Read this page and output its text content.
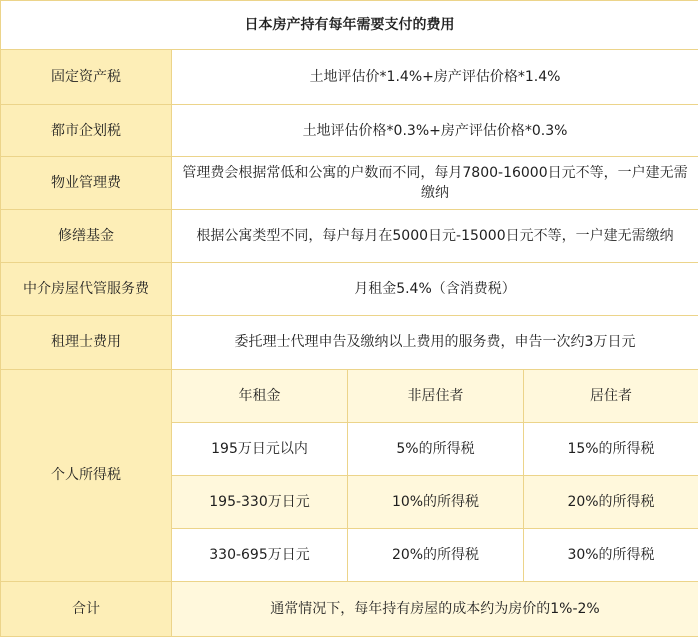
日本房产持有每年需要支付的费用			
固定资产税	土地评估价*1.4%+房产评估价格*1.4%		
都市企划税	土地评估价格*0.3%+房产评估价格*0.3%		
物业管理费	管理费会根据常低和公寓的户数而不同，每月7800-16000日元不等，一户建无需缴纳		
修缮基金	根据公寓类型不同，每户每月在5000日元-15000日元不等，一户建无需缴纳		
中介房屋代管服务费	月租金5.4%（含消费税）		
租理士费用	委托理士代理申告及缴纳以上费用的服务费，申告一次约3万日元		
个人所得税	年租金	非居住者	居住者
	195万日元以内	5%的所得税	15%的所得税
	195-330万日元	10%的所得税	20%的所得税
	330-695万日元	20%的所得税	30%的所得税
合计	通常情况下，每年持有房屋的成本约为房价的1%-2%		
